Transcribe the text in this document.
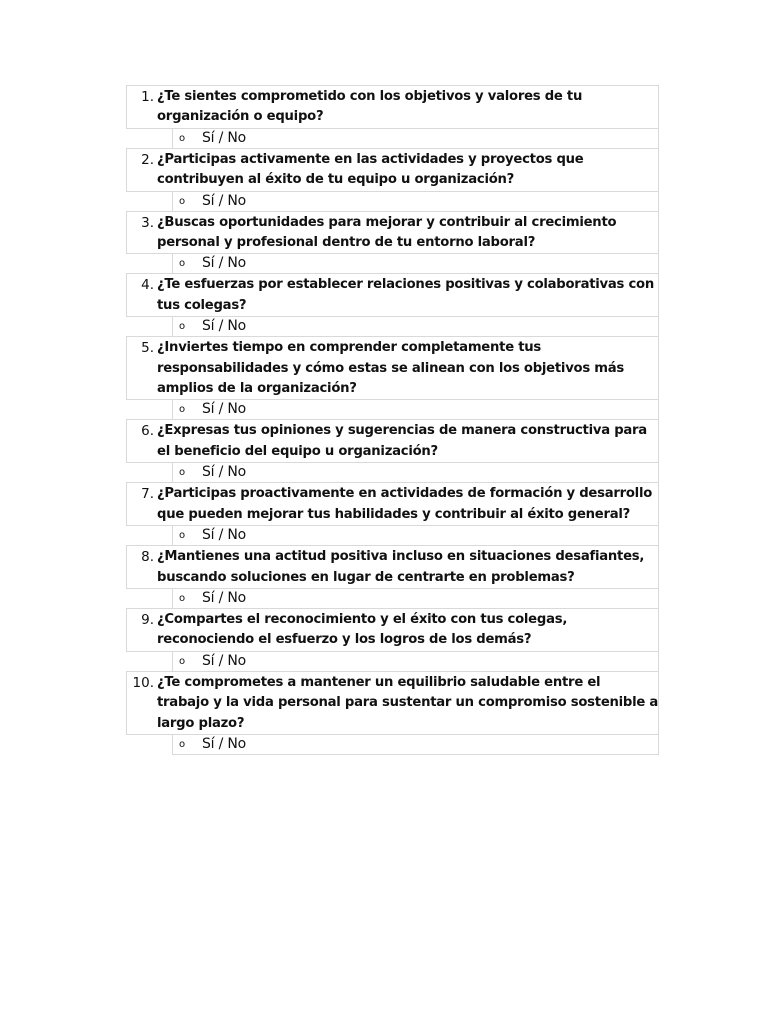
1. ¿Te sientes comprometido con los objetivos y valores de tu
organización o equipo?
o Sí / No
2. ¿Participas activamente en las actividades y proyectos que
contribuyen al éxito de tu equipo u organización?
o Sí / No
3. ¿Buscas oportunidades para mejorar y contribuir al crecimiento
personal y profesional dentro de tu entorno laboral?
o Sí / No
4. ¿Te esfuerzas por establecer relaciones positivas y colaborativas con
tus colegas?
o Sí / No
5. ¿Inviertes tiempo en comprender completamente tus
responsabilidades y cómo estas se alinean con los objetivos más
amplios de la organización?
o Sí / No
6. ¿Expresas tus opiniones y sugerencias de manera constructiva para
el beneficio del equipo u organización?
o Sí / No
7. ¿Participas proactivamente en actividades de formación y desarrollo
que pueden mejorar tus habilidades y contribuir al éxito general?
o Sí / No
8. ¿Mantienes una actitud positiva incluso en situaciones desafiantes,
buscando soluciones en lugar de centrarte en problemas?
o Sí / No
9. ¿Compartes el reconocimiento y el éxito con tus colegas,
reconociendo el esfuerzo y los logros de los demás?
o Sí / No
10. ¿Te comprometes a mantener un equilibrio saludable entre el
trabajo y la vida personal para sustentar un compromiso sostenible a
largo plazo?
o Sí / No
